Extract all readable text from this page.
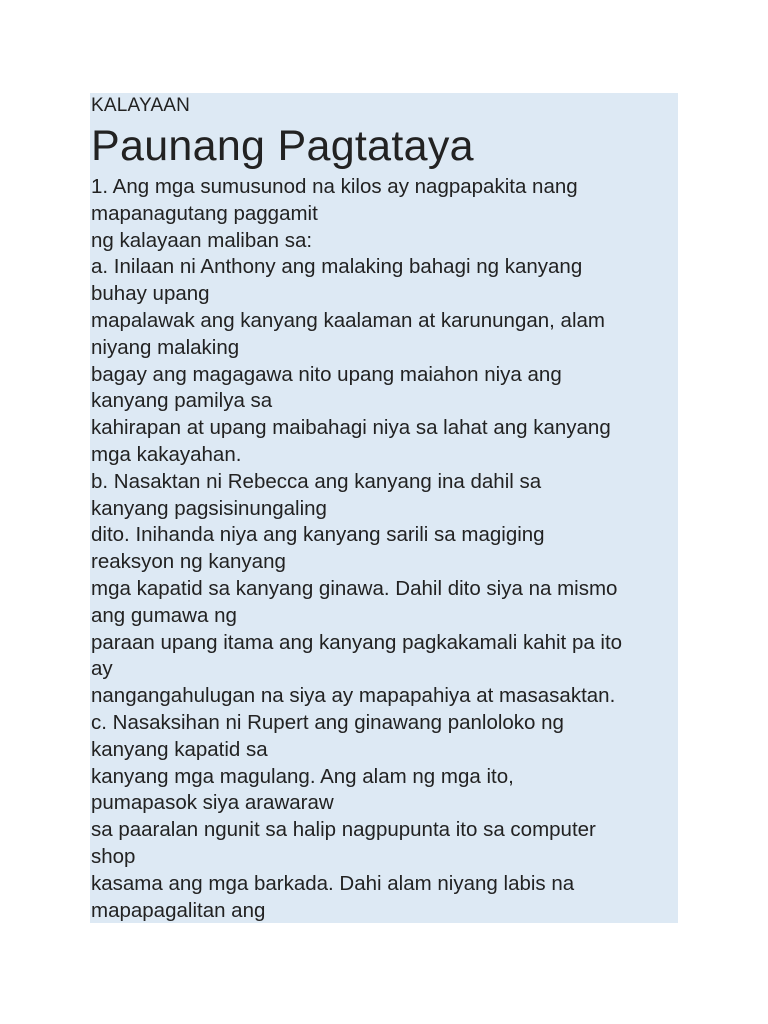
KALAYAAN
Paunang Pagtataya
1. Ang mga sumusunod na kilos ay nagpapakita nang
mapanagutang paggamit
ng kalayaan maliban sa:
a. Inilaan ni Anthony ang malaking bahagi ng kanyang
buhay upang
mapalawak ang kanyang kaalaman at karunungan, alam
niyang malaking
bagay ang magagawa nito upang maiahon niya ang
kanyang pamilya sa
kahirapan at upang maibahagi niya sa lahat ang kanyang
mga kakayahan.
b. Nasaktan ni Rebecca ang kanyang ina dahil sa
kanyang pagsisinungaling
dito. Inihanda niya ang kanyang sarili sa magiging
reaksyon ng kanyang
mga kapatid sa kanyang ginawa. Dahil dito siya na mismo
ang gumawa ng
paraan upang itama ang kanyang pagkakamali kahit pa ito
ay
nangangahulugan na siya ay mapapahiya at masasaktan.
c. Nasaksihan ni Rupert ang ginawang panloloko ng
kanyang kapatid sa
kanyang mga magulang. Ang alam ng mga ito,
pumapasok siya arawaraw
sa paaralan ngunit sa halip nagpupunta ito sa computer
shop
kasama ang mga barkada. Dahi alam niyang labis na
mapapagalitan ang
